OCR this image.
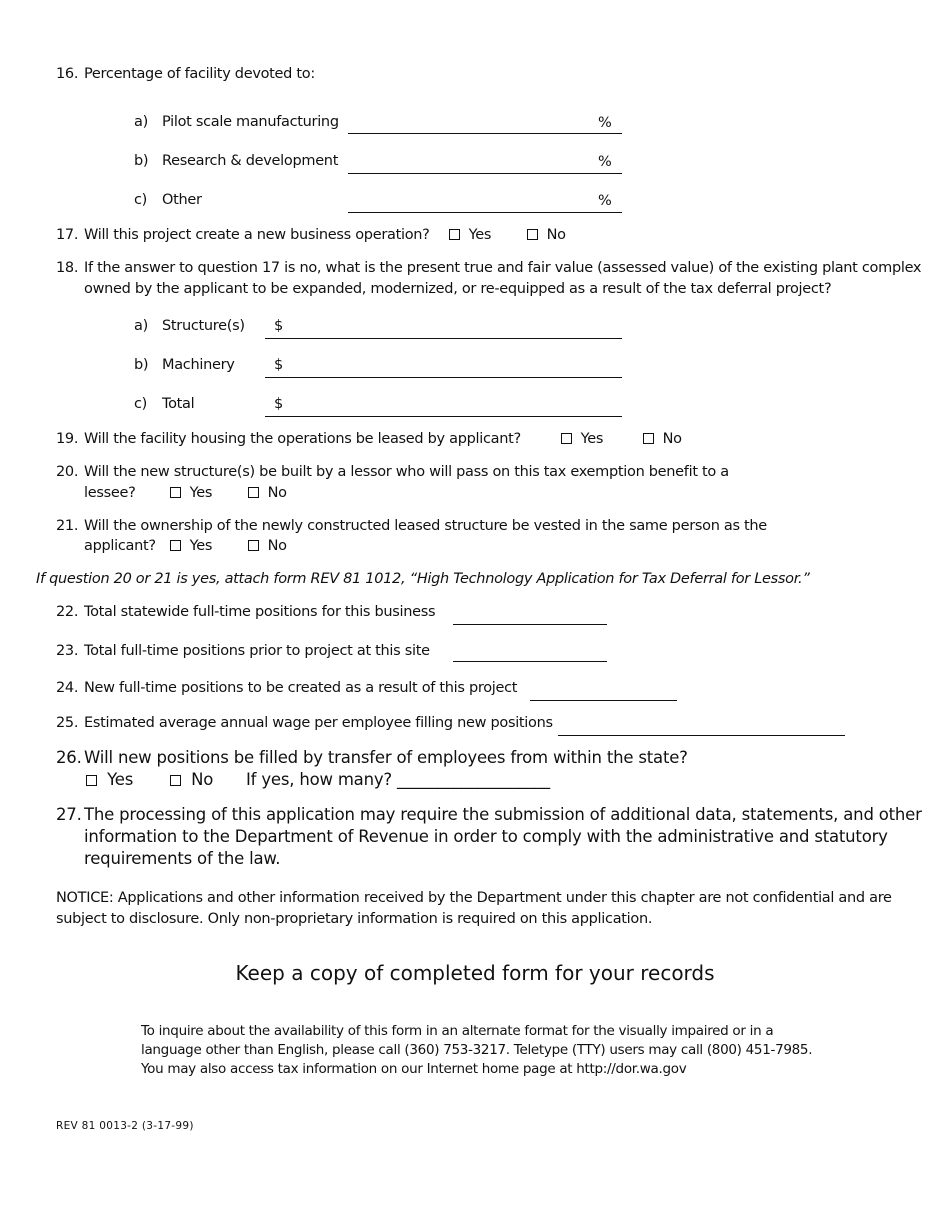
16. Percentage of facility devoted to:
a) Pilot scale manufacturing	%
b) Research & development	%
c) Other	%
17. Will this project create a new business operation?	Yes	No
18. If the answer to question 17 is no, what is the present true and fair value (assessed value) of the existing plant complex
owned by the applicant to be expanded, modernized, or re-equipped as a result of the tax deferral project?
a) Structure(s) $
b) Machinery	$
c) Total	$
19. Will the facility housing the operations be leased by applicant?	Yes	No
20. Will the new structure(s) be built by a lessor who will pass on this tax exemption benefit to a
lessee?	Yes	No
21. Will the ownership of the newly constructed leased structure be vested in the same person as the
applicant?	Yes	No
If question 20 or 21 is yes, attach form REV 81 1012, “High Technology Application for Tax Deferral for Lessor.”
22. Total statewide full-time positions for this business
23. Total full-time positions prior to project at this site
24. New full-time positions to be created as a result of this project
25. Estimated average annual wage per employee filling new positions
26. Will new positions be filled by transfer of employees from within the state?
Yes	No If yes, how many? ___________________
27. The processing of this application may require the submission of additional data, statements, and other
information to the Department of Revenue in order to comply with the administrative and statutory
requirements of the law.
NOTICE: Applications and other information received by the Department under this chapter are not confidential and are
subject to disclosure. Only non-proprietary information is required on this application.
Keep a copy of completed form for your records
To inquire about the availability of this form in an alternate format for the visually impaired or in a
language other than English, please call (360) 753-3217. Teletype (TTY) users may call (800) 451-7985.
You may also access tax information on our Internet home page at http://dor.wa.gov
REV 81 0013-2 (3-17-99)
